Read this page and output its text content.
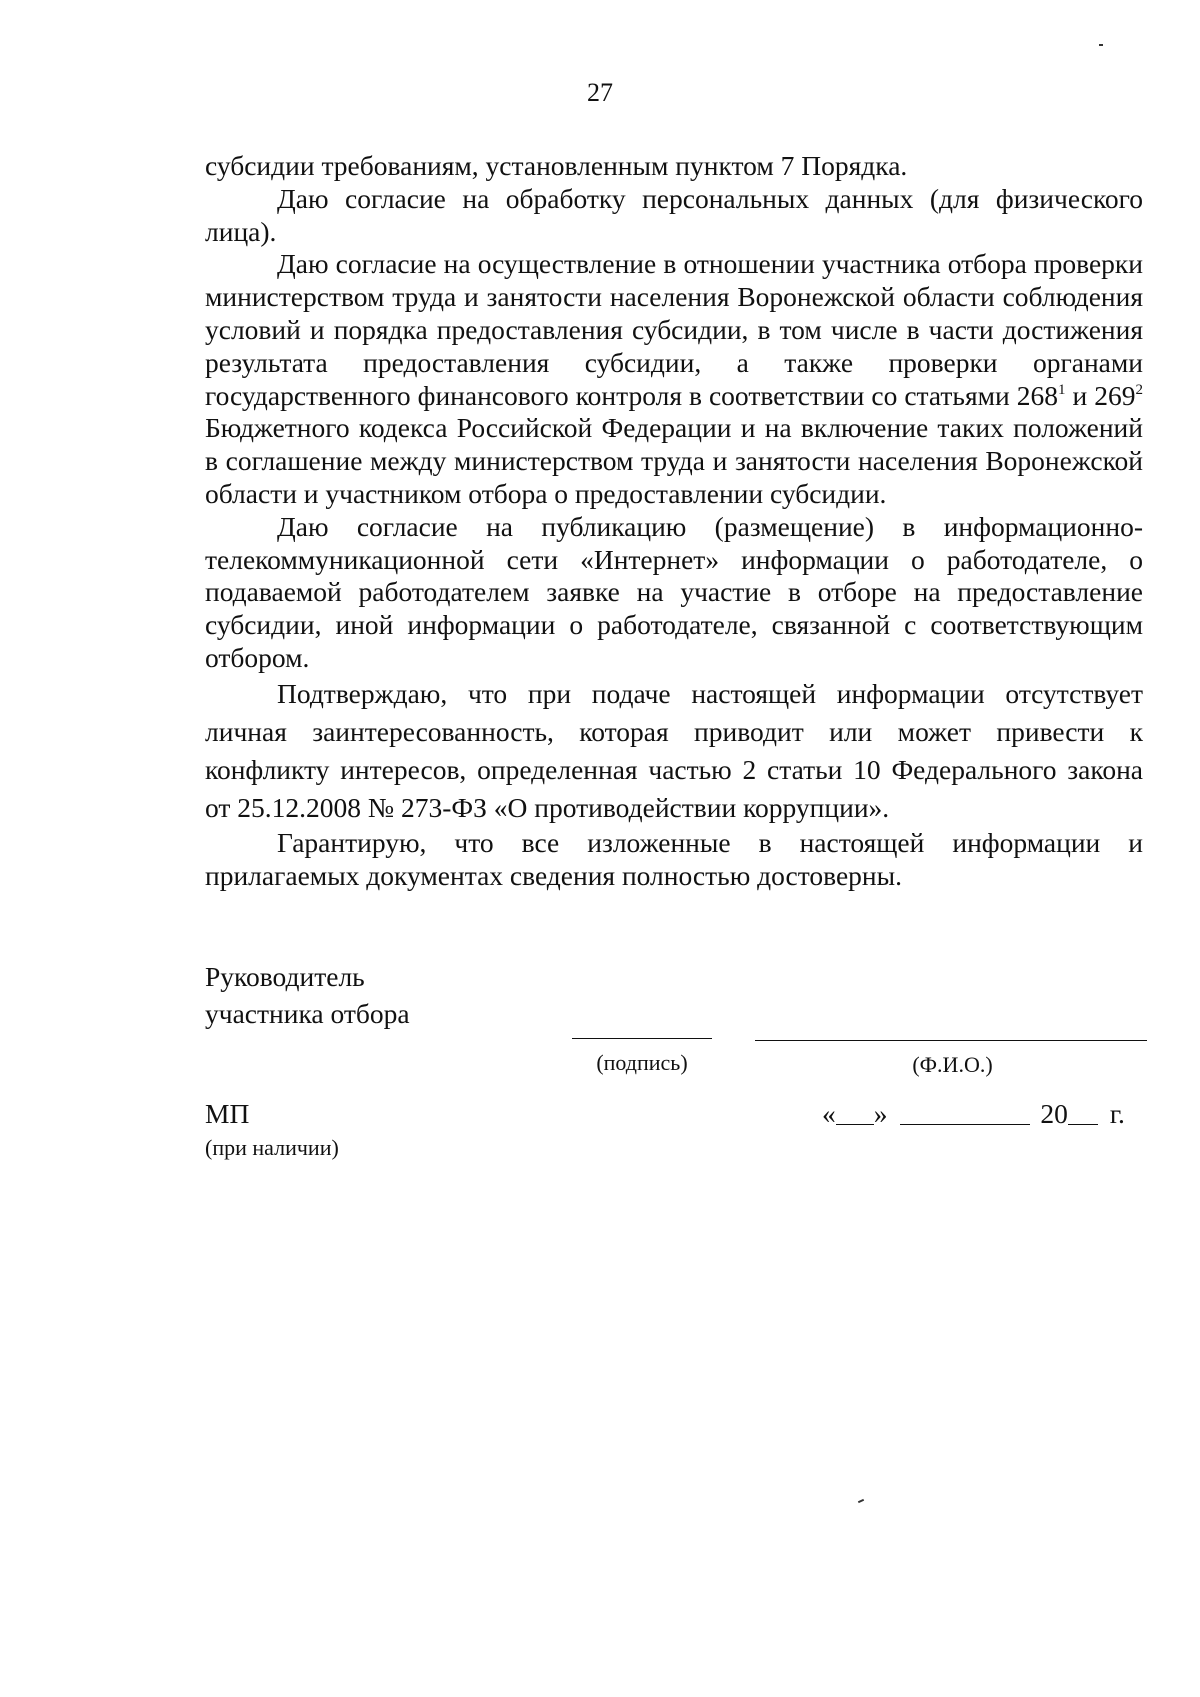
27

субсидии требованиям, установленным пунктом 7 Порядка.

Даю согласие на обработку персональных данных (для физического лица).

Даю согласие на осуществление в отношении участника отбора проверки министерством труда и занятости населения Воронежской области соблюдения условий и порядка предоставления субсидии, в том числе в части достижения результата предоставления субсидии, а также проверки органами государственного финансового контроля в соответствии со статьями $268^1$ и $269^2$ Бюджетного кодекса Российской Федерации и на включение таких положений в соглашение между министерством труда и занятости населения Воронежской области и участником отбора о предоставлении субсидии.

Даю согласие на публикацию (размещение) в информационно-телекоммуникационной сети «Интернет» информации о работодателе, о подаваемой работодателем заявке на участие в отборе на предоставление субсидии, иной информации о работодателе, связанной с соответствующим отбором.

Подтверждаю, что при подаче настоящей информации отсутствует личная заинтересованность, которая приводит или может привести к конфликту интересов, определенная частью 2 статьи 10 Федерального закона от 25.12.2008 № 273-ФЗ «О противодействии коррупции».

Гарантирую, что все изложенные в настоящей информации и прилагаемых документах сведения полностью достоверны.

Руководитель
участника отбора
(подпись)	(Ф.И.О.)
МП
(при наличии)
« »	20 г.
